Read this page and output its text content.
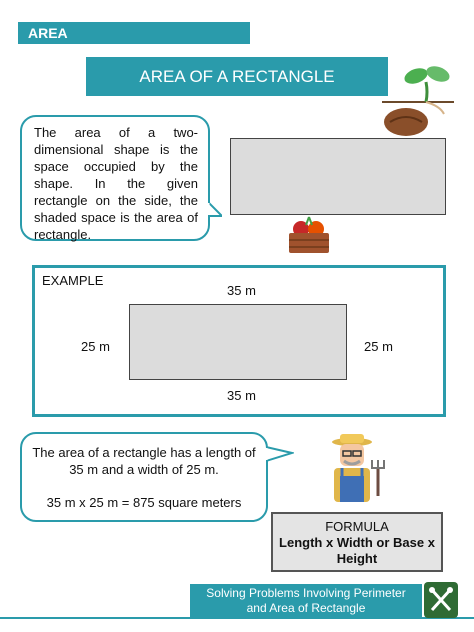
AREA
AREA OF A RECTANGLE
The area of a two-dimensional shape is the space occupied by the shape. In the given rectangle on the side, the shaded space is the area of rectangle.
EXAMPLE
35 m
25 m	25 m
35 m

The area of a rectangle has a length of 35 m and a width of 25 m.

35 m x 25 m = 875 square meters

FORMULA
Length x Width or Base x Height
Solving Problems Involving Perimeter
and Area of Rectangle
